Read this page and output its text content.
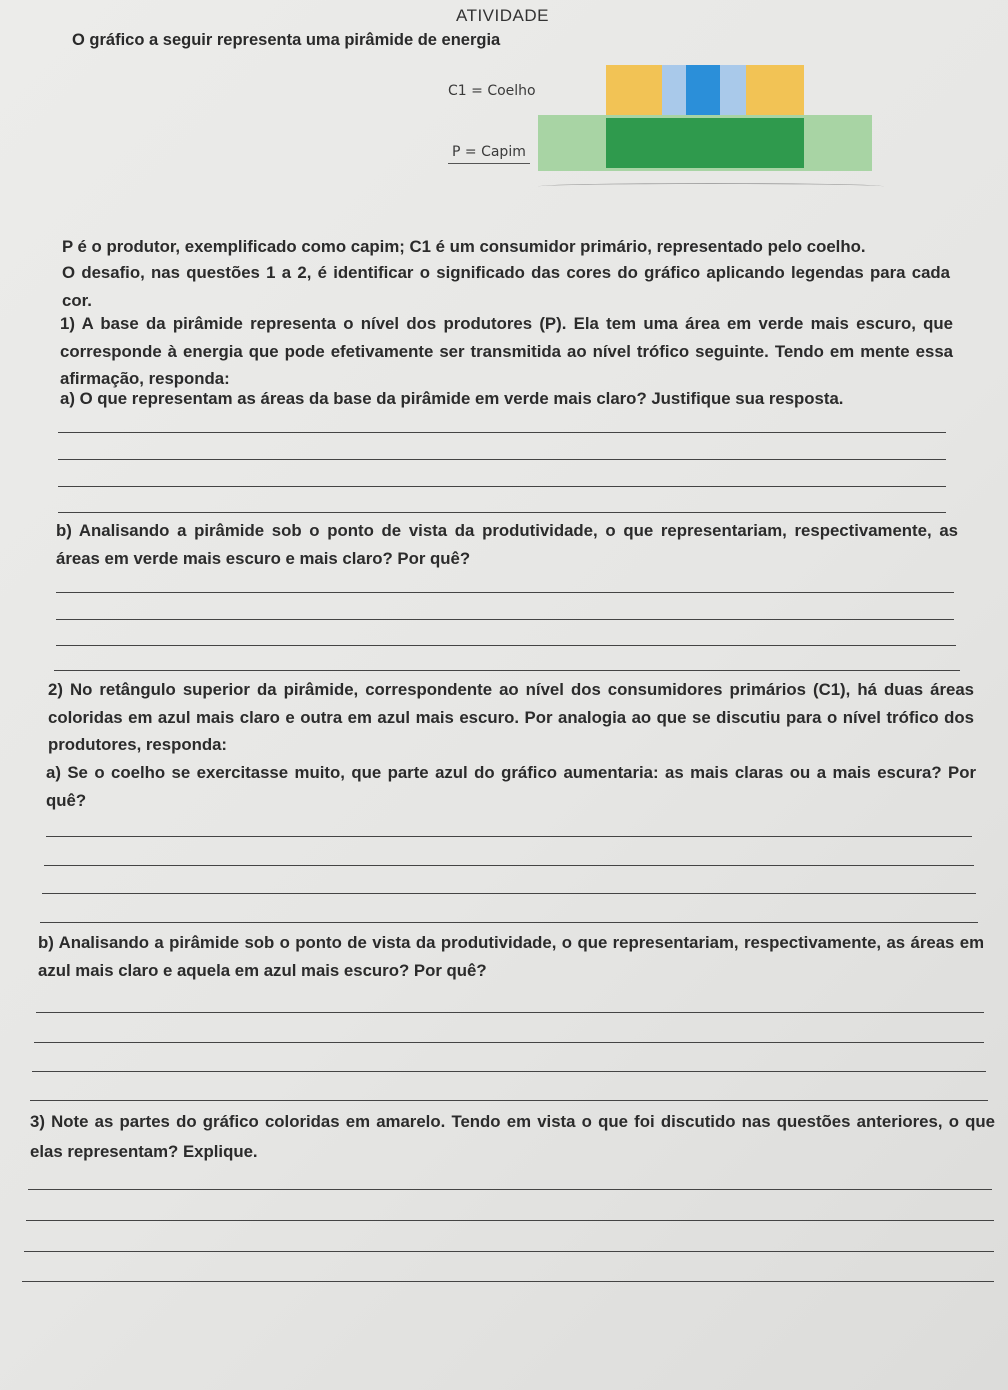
ATIVIDADE
O gráfico a seguir representa uma pirâmide de energia
C1 = Coelho
P = Capim

P é o produtor, exemplificado como capim; C1 é um consumidor primário, representado pelo coelho.

O desafio, nas questões 1 a 2, é identificar o significado das cores do gráfico aplicando legendas para cada cor.

1) A base da pirâmide representa o nível dos produtores (P). Ela tem uma área em verde mais escuro, que corresponde à energia que pode efetivamente ser transmitida ao nível trófico seguinte. Tendo em mente essa afirmação, responda:

a) O que representam as áreas da base da pirâmide em verde mais claro? Justifique sua resposta.

b) Analisando a pirâmide sob o ponto de vista da produtividade, o que representariam, respectivamente, as áreas em verde mais escuro e mais claro? Por quê?

2) No retângulo superior da pirâmide, correspondente ao nível dos consumidores primários (C1), há duas áreas coloridas em azul mais claro e outra em azul mais escuro. Por analogia ao que se discutiu para o nível trófico dos produtores, responda:

a) Se o coelho se exercitasse muito, que parte azul do gráfico aumentaria: as mais claras ou a mais escura? Por quê?

b) Analisando a pirâmide sob o ponto de vista da produtividade, o que representariam, respectivamente, as áreas em azul mais claro e aquela em azul mais escuro? Por quê?

3) Note as partes do gráfico coloridas em amarelo. Tendo em vista o que foi discutido nas questões anteriores, o que elas representam? Explique.
